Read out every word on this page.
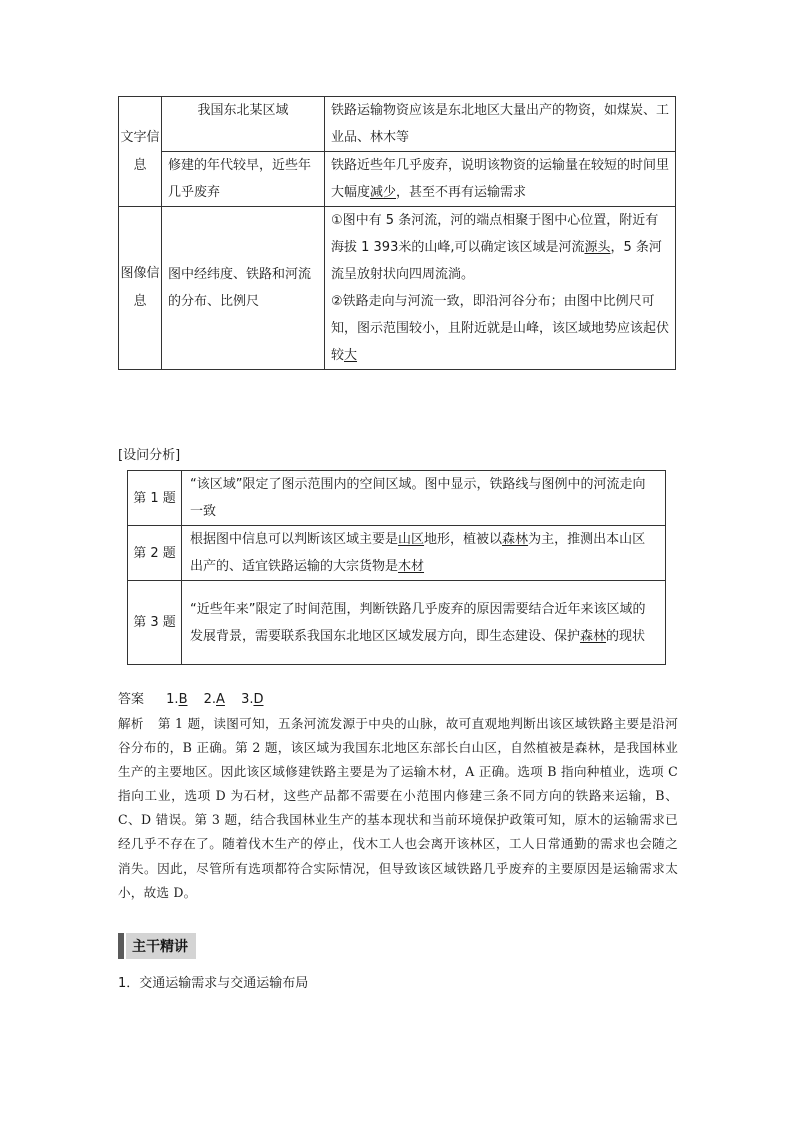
文字信息	我国东北某区域	铁路运输物资应该是东北地区大量出产的物资，如煤炭、工业品、林木等
	修建的年代较早，近些年几乎废弃	铁路近些年几乎废弃，说明该物资的运输量在较短的时间里大幅度减少，甚至不再有运输需求
图像信息	图中经纬度、铁路和河流的分布、比例尺	①图中有 5 条河流，河的端点相聚于图中心位置，附近有海拔 1 393米的山峰,可以确定该区域是河流源头，5 条河流呈放射状向四周流淌。
②铁路走向与河流一致，即沿河谷分布；由图中比例尺可知，图示范围较小，且附近就是山峰，该区域地势应该起伏较大
[设问分析]
第 1 题	“该区域”限定了图示范围内的空间区域。图中显示，铁路线与图例中的河流走向一致
第 2 题	根据图中信息可以判断该区域主要是山区地形，植被以森林为主，推测出本山区出产的、适宜铁路运输的大宗货物是木材
第 3 题	“近些年来”限定了时间范围，判断铁路几乎废弃的原因需要结合近年来该区域的发展背景，需要联系我国东北地区区域发展方向，即生态建设、保护森林的现状
答案 1.B 2.A 3.D
解析 第 1 题，读图可知，五条河流发源于中央的山脉，故可直观地判断出该区域铁路主要是沿河谷分布的，B 正确。第 2 题，该区域为我国东北地区东部长白山区，自然植被是森林，是我国林业生产的主要地区。因此该区域修建铁路主要是为了运输木材，A 正确。选项 B 指向种植业，选项 C 指向工业，选项 D 为石材，这些产品都不需要在小范围内修建三条不同方向的铁路来运输，B、C、D 错误。第 3 题，结合我国林业生产的基本现状和当前环境保护政策可知，原木的运输需求已经几乎不存在了。随着伐木生产的停止，伐木工人也会离开该林区，工人日常通勤的需求也会随之消失。因此，尽管所有选项都符合实际情况，但导致该区域铁路几乎废弃的主要原因是运输需求太小，故选 D。
主干精讲
1．交通运输需求与交通运输布局
